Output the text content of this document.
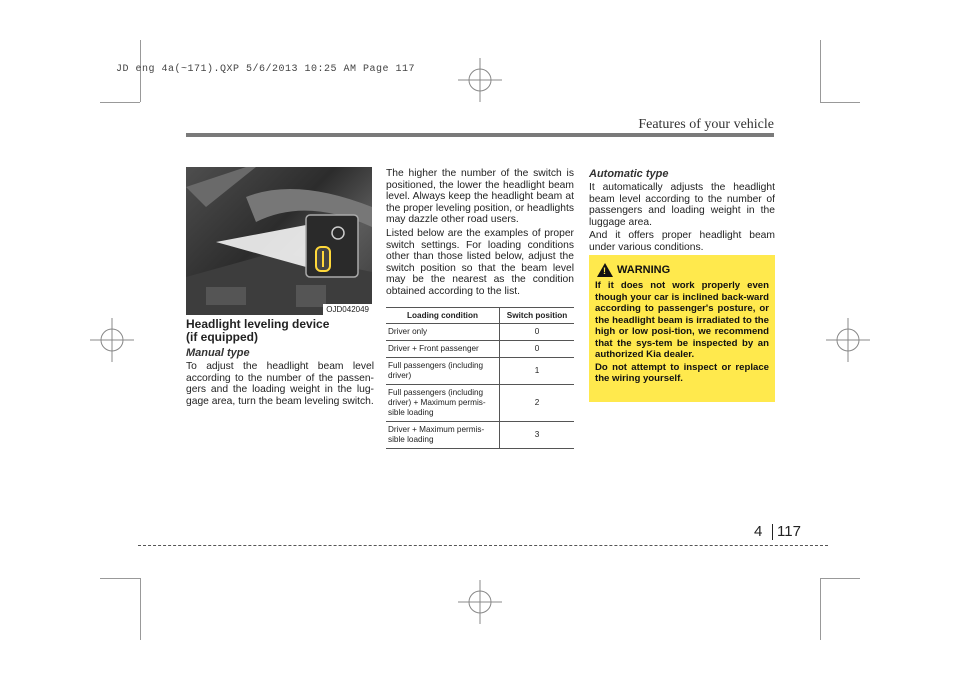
JD eng 4a(~171).QXP 5/6/2013 10:25 AM Page 117
Features of your vehicle
OJD042049
Headlight leveling device
(if equipped)
Manual type

To adjust the headlight beam level according to the number of the passen-gers and the loading weight in the lug-gage area, turn the beam leveling switch.

The higher the number of the switch is positioned, the lower the headlight beam level. Always keep the headlight beam at the proper leveling position, or headlights may dazzle other road users.

Listed below are the examples of proper switch settings. For loading conditions other than those listed below, adjust the switch position so that the beam level may be the nearest as the condition obtained according to the list.

Loading condition	Switch position
Driver only	0
Driver + Front passenger	0
Full passengers (including driver)	1
Full passengers (including driver) + Maximum permis-sible loading	2
Driver + Maximum permis-sible loading	3
Automatic type

It automatically adjusts the headlight beam level according to the number of passengers and loading weight in the luggage area.

And it offers proper headlight beam under various conditions.

! WARNING
If it does not work properly even though your car is inclined back-ward according to passenger's posture, or the headlight beam is irradiated to the high or low posi-tion, we recommend that the sys-tem be inspected by an authorized Kia dealer.
Do not attempt to inspect or replace the wiring yourself.
4 117
